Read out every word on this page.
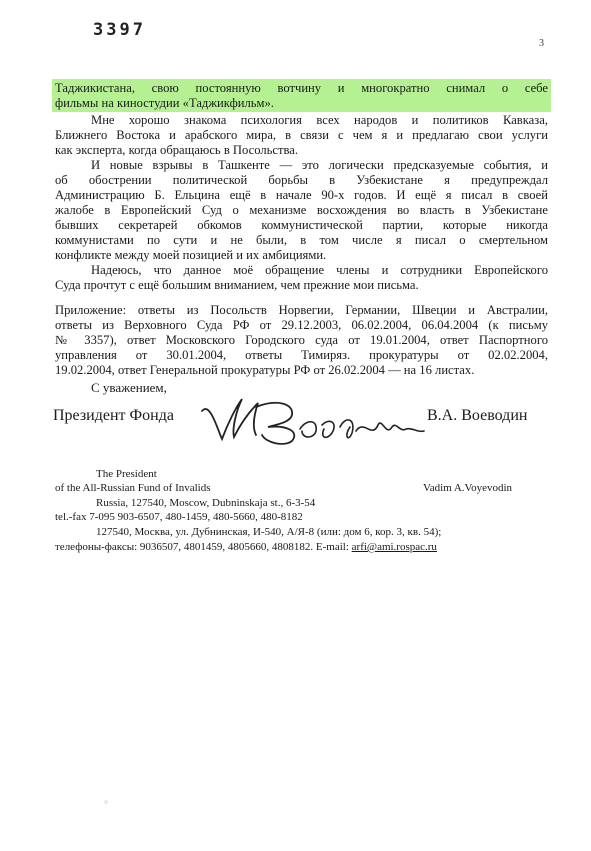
3397
3
Таджикистана, свою постоянную вотчину и многократно снимал о себе
фильмы на киностудии «Таджикфильм».
Мне хорошо знакома психология всех народов и политиков Кавказа,
Ближнего Востока и арабского мира, в связи с чем я и предлагаю свои услуги
как эксперта, когда обращаюсь в Посольства.
И новые взрывы в Ташкенте — это логически предсказуемые события, и
об обострении политической борьбы в Узбекистане я предупреждал
Администрацию Б. Ельцина ещё в начале 90-х годов. И ещё я писал в своей
жалобе в Европейский Суд о механизме восхождения во власть в Узбекистане
бывших секретарей обкомов коммунистической партии, которые никогда
коммунистами по сути и не были, в том числе я писал о смертельном
конфликте между моей позицией и их амбициями.
Надеюсь, что данное моё обращение члены и сотрудники Европейского
Суда прочтут с ещё большим вниманием, чем прежние мои письма.
Приложение: ответы из Посольств Норвегии, Германии, Швеции и Австралии,
ответы из Верховного Суда РФ от 29.12.2003, 06.02.2004, 06.04.2004 (к письму
№ 3357), ответ Московского Городского суда от 19.01.2004, ответ Паспортного
управления от 30.01.2004, ответы Тимиряз. прокуратуры от 02.02.2004,
19.02.2004, ответ Генеральной прокуратуры РФ от 26.02.2004 — на 16 листах.
С уважением,
Президент Фонда	В.А. Воеводин
The President
of the All-Russian Fund of Invalids	Vadim A.Voyevodin
Russia, 127540, Moscow, Dubninskaja st., 6-3-54
tel.-fax 7-095 903-6507, 480-1459, 480-5660, 480-8182
127540, Москва, ул. Дубнинская, И-540, А/Я-8 (или: дом 6, кор. 3, кв. 54);
телефоны-факсы: 9036507, 4801459, 4805660, 4808182. E-mail: arfi@ami.rospac.ru
